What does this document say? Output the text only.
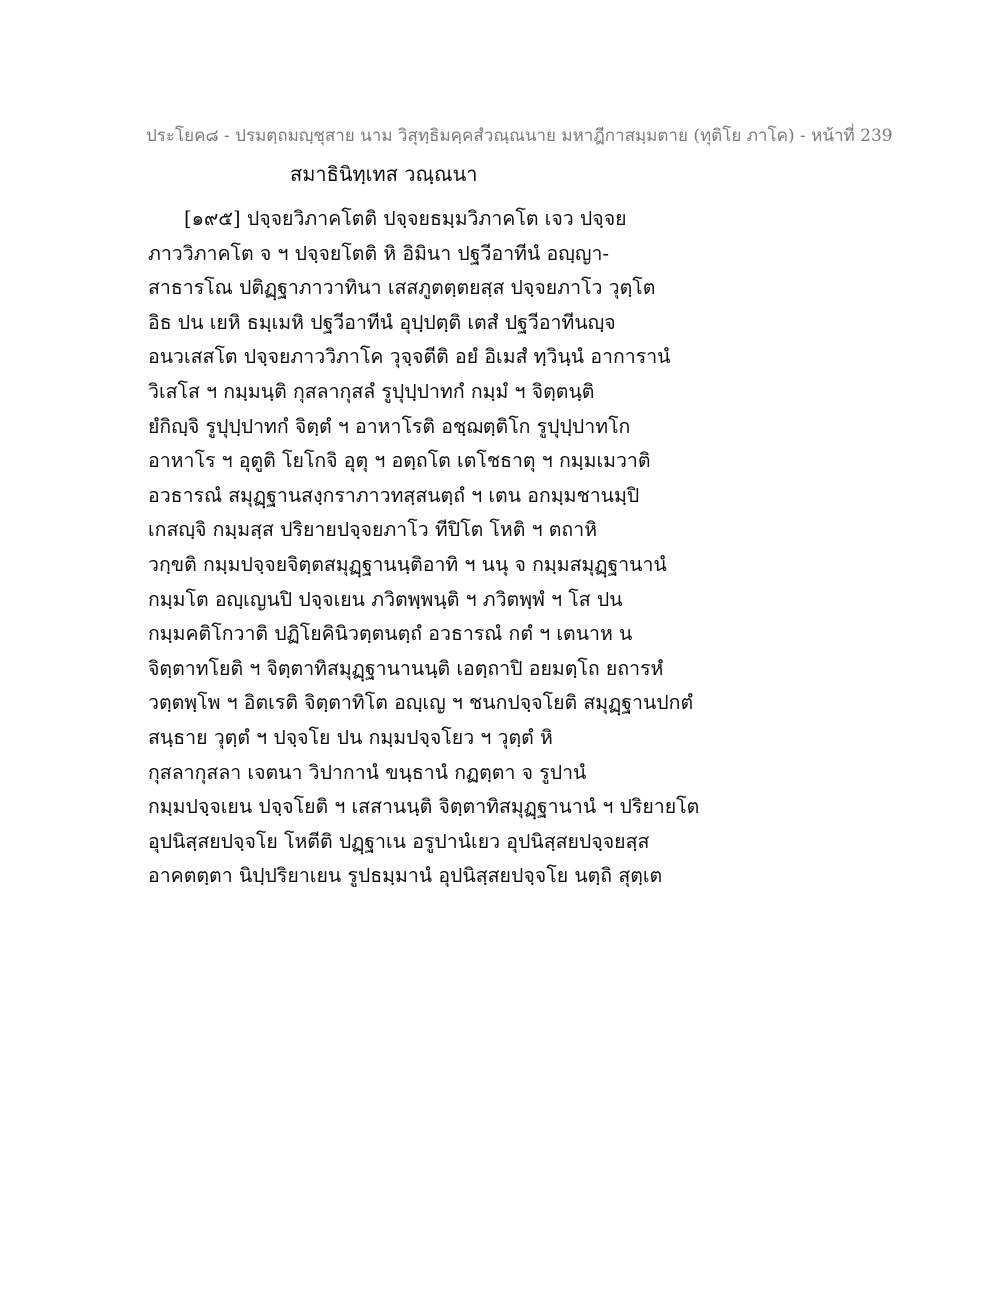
ประโยค๘ - ปรมตฺถมญฺชุสาย นาม วิสุทฺธิมคฺคสํวณฺณนาย มหาฎีกาสมฺมตาย (ทุติโย ภาโค) - หน้าที่ 239
สมาธินิทฺเทส วณฺณนา
[๑๙๕] ปจฺจยวิภาคโตติ ปจฺจยธมฺมวิภาคโต เจว ปจฺจย
ภาววิภาคโต จ ฯ ปจฺจยโตติ หิ อิมินา ปฐวีอาทีนํ อญฺญา-
สาธารโณ ปติฏฺฐาภาวาทินา เสสภูตตฺตยสฺส ปจฺจยภาโว วุตฺโต
อิธ ปน เยหิ ธมฺเมหิ ปฐวีอาทีนํ อุปฺปตฺติ เตสํ ปฐวีอาทีนญฺจ
อนวเสสโต ปจฺจยภาววิภาโค วุจฺจตีติ อยํ อิเมสํ ทฺวินฺนํ อาการานํ
วิเสโส ฯ กมฺมนฺติ กุสลากุสลํ รูปุปฺปาทกํ กมฺมํ ฯ จิตฺตนฺติ
ยํกิญฺจิ รูปุปฺปาทกํ จิตฺตํ ฯ อาหาโรติ อชฺฌตฺติโก รูปุปฺปาทโก
อาหาโร ฯ อุตูติ โยโกจิ อุตุ ฯ อตฺถโต เตโชธาตุ ฯ กมฺมเมวาติ
อวธารณํ สมุฏฺฐานสงฺกราภาวทสฺสนตฺถํ ฯ เตน อกมฺมชานมฺปิ
เกสญฺจิ กมฺมสฺส ปริยายปจฺจยภาโว ทีปิโต โหติ ฯ ตถาหิ
วกฺขติ กมฺมปจฺจยจิตฺตสมุฏฺฐานนฺติอาทิ ฯ นนุ จ กมฺมสมุฏฺฐานานํ
กมฺมโต อญฺเญนปิ ปจฺจเยน ภวิตพฺพนฺติ ฯ ภวิตพฺพํ ฯ โส ปน
กมฺมคติโกวาติ ปฏิโยคินิวตฺตนตฺถํ อวธารณํ กตํ ฯ เตนาห น
จิตฺตาทโยติ ฯ จิตฺตาทิสมุฏฺฐานานนฺติ เอตฺถาปิ อยมตฺโถ ยถารหํ
วตฺตพฺโพ ฯ อิตเรติ จิตฺตาทิโต อญฺเญ ฯ ชนกปจฺจโยติ สมุฏฺฐานปกตํ
สนฺธาย วุตฺตํ ฯ ปจฺจโย ปน กมฺมปจฺจโยว ฯ วุตฺตํ หิ
กุสลากุสลา เจตนา วิปากานํ ขนฺธานํ กฏตฺตา จ รูปานํ
กมฺมปจฺจเยน ปจฺจโยติ ฯ เสสานนฺติ จิตฺตาทิสมุฏฺฐานานํ ฯ ปริยายโต
อุปนิสฺสยปจฺจโย โหตีติ ปฏฺฐาเน อรูปานํเยว อุปนิสฺสยปจฺจยสฺส
อาคตตฺตา นิปฺปริยาเยน รูปธมฺมานํ อุปนิสฺสยปจฺจโย นตฺถิ สุตฺเต
